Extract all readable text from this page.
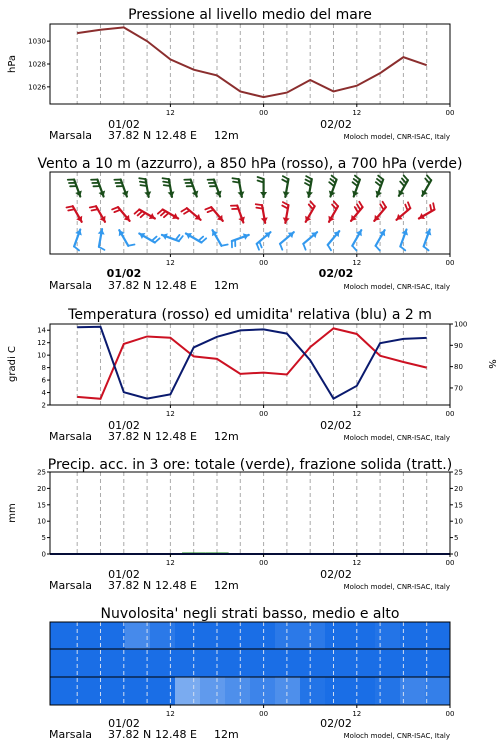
Pressione al livello medio del mare
1026
1028
1030
hPa
12	00	12	00
01/02	02/02
Marsala 37.82 N 12.48 E 12m	Moloch model, CNR-ISAC, Italy
Vento a 10 m (azzurro), a 850 hPa (rosso), a 700 hPa (verde)
12	00	12	00
01/02	02/02
Marsala 37.82 N 12.48 E 12m	Moloch model, CNR-ISAC, Italy
Temperatura (rosso) ed umidita' relativa (blu) a 2 m
2
4
6
8
10
12
14
70
80
90
100
gradi C	%
12	00	12	00
01/02	02/02
Marsala 37.82 N 12.48 E 12m	Moloch model, CNR-ISAC, Italy
Precip. acc. in 3 ore: totale (verde), frazione solida (tratt.)
0
5
10
15
20
25
0
5
10
15
20
25
mm
12	00	12	00
01/02	02/02
Marsala 37.82 N 12.48 E 12m	Moloch model, CNR-ISAC, Italy
Nuvolosita' negli strati basso, medio e alto
12	00	12	00
01/02	02/02
Marsala 37.82 N 12.48 E 12m	Moloch model, CNR-ISAC, Italy
